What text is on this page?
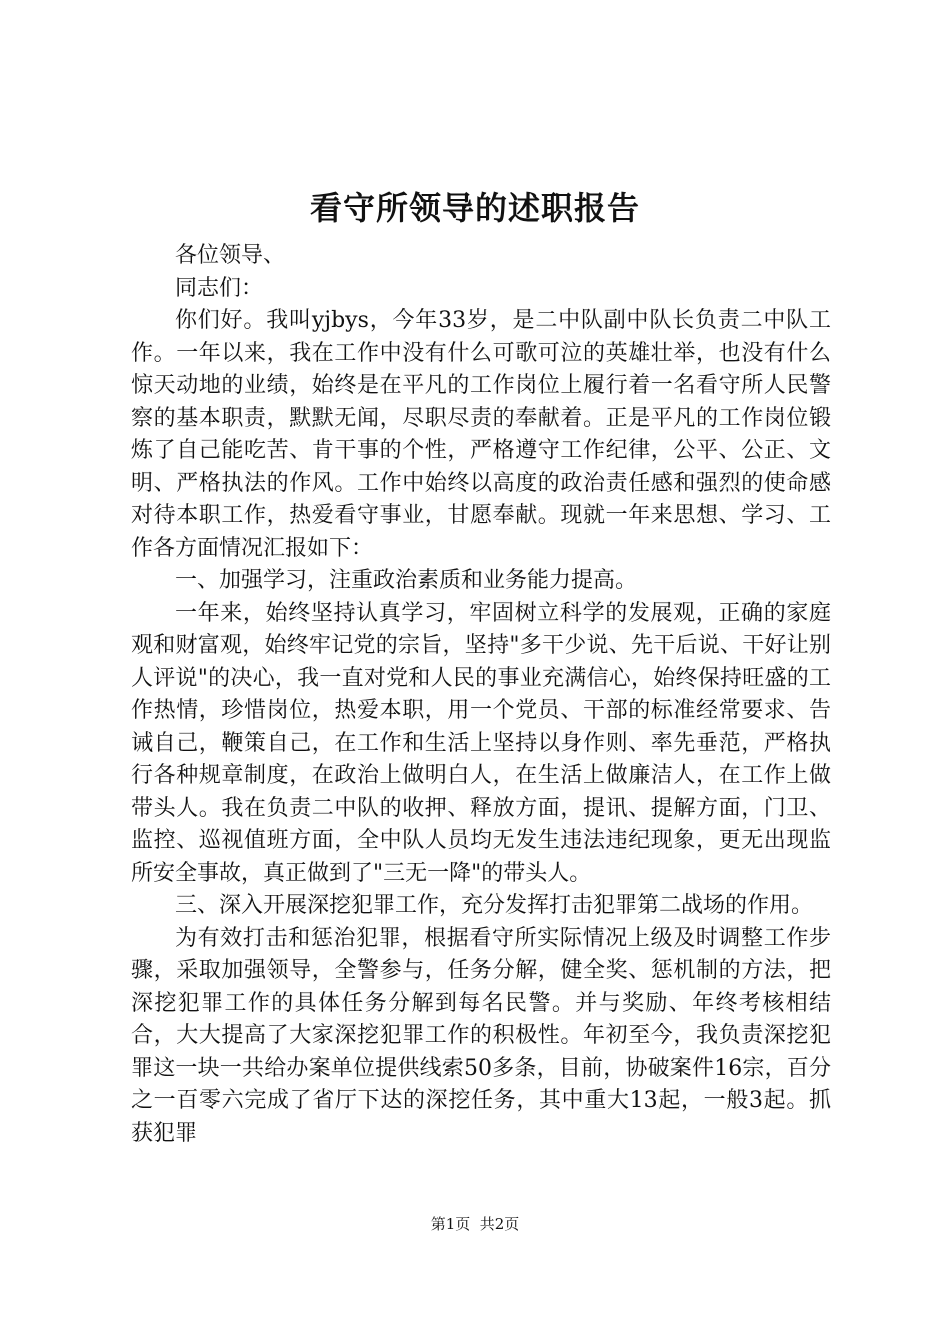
看守所领导的述职报告

各位领导、

同志们：

你们好。我叫yjbys，今年33岁，是二中队副中队长负责二中队工作。一年以来，我在工作中没有什么可歌可泣的英雄壮举，也没有什么惊天动地的业绩，始终是在平凡的工作岗位上履行着一名看守所人民警察的基本职责，默默无闻，尽职尽责的奉献着。正是平凡的工作岗位锻炼了自己能吃苦、肯干事的个性，严格遵守工作纪律，公平、公正、文明、严格执法的作风。工作中始终以高度的政治责任感和强烈的使命感对待本职工作，热爱看守事业，甘愿奉献。现就一年来思想、学习、工作各方面情况汇报如下：

一、加强学习，注重政治素质和业务能力提高。

一年来，始终坚持认真学习，牢固树立科学的发展观，正确的家庭观和财富观，始终牢记党的宗旨，坚持"多干少说、先干后说、干好让别人评说"的决心，我一直对党和人民的事业充满信心，始终保持旺盛的工作热情，珍惜岗位，热爱本职，用一个党员、干部的标准经常要求、告诫自己，鞭策自己，在工作和生活上坚持以身作则、率先垂范，严格执行各种规章制度，在政治上做明白人，在生活上做廉洁人，在工作上做带头人。我在负责二中队的收押、释放方面，提讯、提解方面，门卫、监控、巡视值班方面，全中队人员均无发生违法违纪现象，更无出现监所安全事故，真正做到了"三无一降"的带头人。

三、深入开展深挖犯罪工作，充分发挥打击犯罪第二战场的作用。

为有效打击和惩治犯罪，根据看守所实际情况上级及时调整工作步骤，采取加强领导，全警参与，任务分解，健全奖、惩机制的方法，把深挖犯罪工作的具体任务分解到每名民警。并与奖励、年终考核相结合，大大提高了大家深挖犯罪工作的积极性。年初至今，我负责深挖犯罪这一块一共给办案单位提供线索50多条，目前，协破案件16宗，百分之一百零六完成了省厅下达的深挖任务，其中重大13起，一般3起。抓获犯罪

第1页  共2页
